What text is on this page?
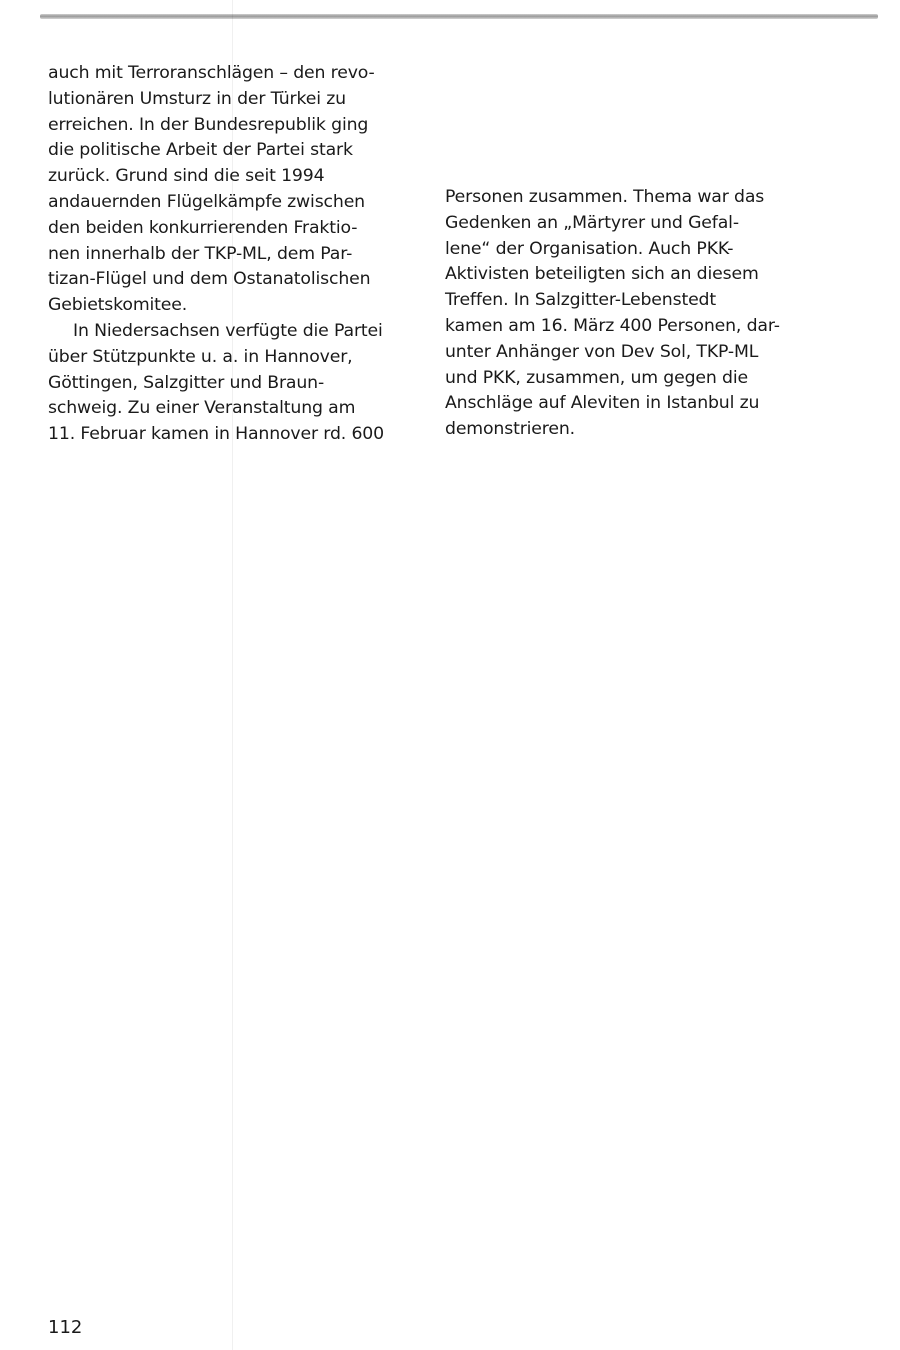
auch mit Terroranschlägen – den revo-
lutionären Umsturz in der Türkei zu
erreichen. In der Bundesrepublik ging
die politische Arbeit der Partei stark
zurück. Grund sind die seit 1994
andauernden Flügelkämpfe zwischen
den beiden konkurrierenden Fraktio-
nen innerhalb der TKP-ML, dem Par-
tizan-Flügel und dem Ostanatolischen
Gebietskomitee.
In Niedersachsen verfügte die Partei
über Stützpunkte u. a. in Hannover,
Göttingen, Salzgitter und Braun-
schweig. Zu einer Veranstaltung am
11. Februar kamen in Hannover rd. 600
Personen zusammen. Thema war das
Gedenken an „Märtyrer und Gefal-
lene“ der Organisation. Auch PKK-
Aktivisten beteiligten sich an diesem
Treffen. In Salzgitter-Lebenstedt
kamen am 16. März 400 Personen, dar-
unter Anhänger von Dev Sol, TKP-ML
und PKK, zusammen, um gegen die
Anschläge auf Aleviten in Istanbul zu
demonstrieren.
112
